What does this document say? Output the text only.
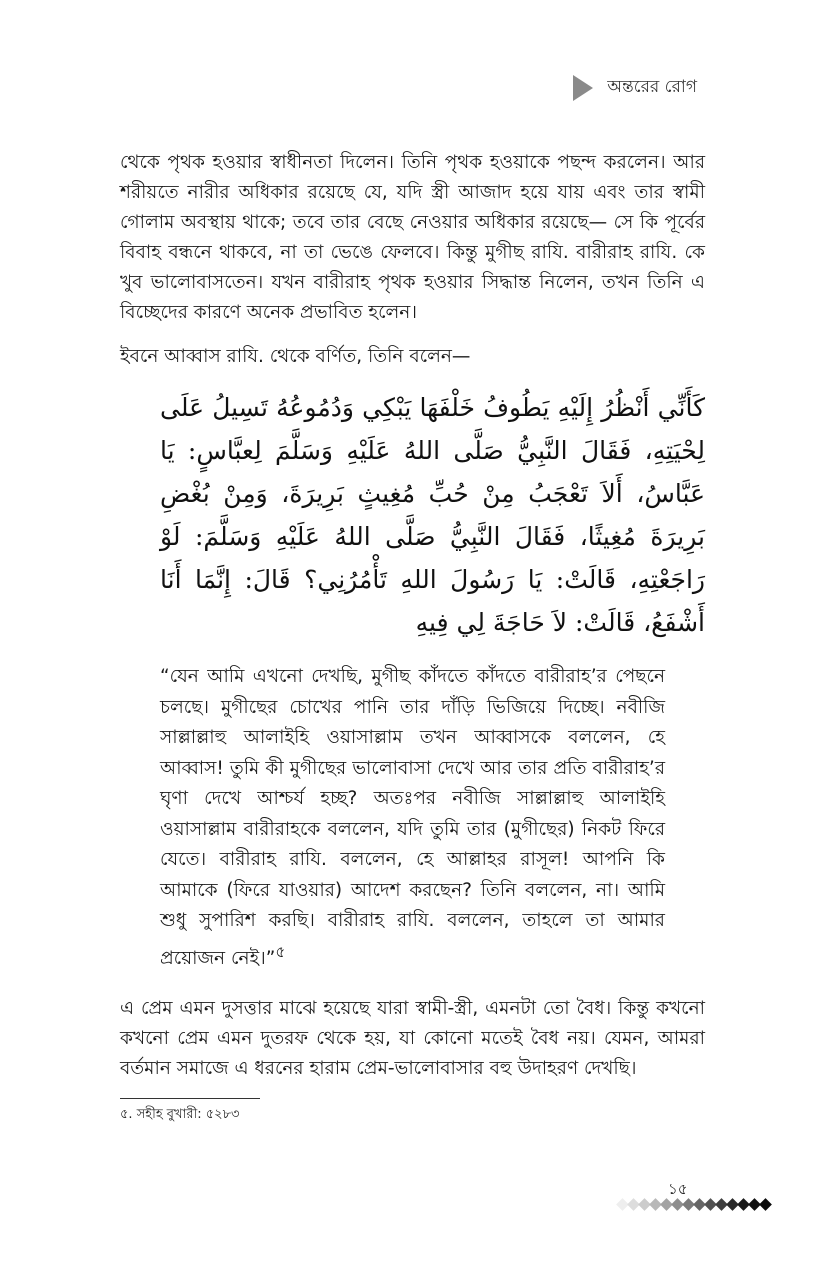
অন্তরের রোগ

থেকে পৃথক হওয়ার স্বাধীনতা দিলেন। তিনি পৃথক হওয়াকে পছন্দ করলেন। আর শরীয়তে নারীর অধিকার রয়েছে যে, যদি স্ত্রী আজাদ হয়ে যায় এবং তার স্বামী গোলাম অবস্থায় থাকে; তবে তার বেছে নেওয়ার অধিকার রয়েছে— সে কি পূর্বের বিবাহ বন্ধনে থাকবে, না তা ভেঙে ফেলবে। কিন্তু মুগীছ রাযি. বারীরাহ রাযি. কে খুব ভালোবাসতেন। যখন বারীরাহ পৃথক হওয়ার সিদ্ধান্ত নিলেন, তখন তিনি এ বিচ্ছেদের কারণে অনেক প্রভাবিত হলেন।

ইবনে আব্বাস রাযি. থেকে বর্ণিত, তিনি বলেন—

كَأَنِّي أَنْظُرُ إِلَيْهِ يَطُوفُ خَلْفَهَا يَبْكِي وَدُمُوعُهُ تَسِيلُ عَلَى لِحْيَتِهِ، فَقَالَ النَّبِيُّ صَلَّى اللهُ عَلَيْهِ وَسَلَّمَ لِعبَّاسٍ: يَا عَبَّاسُ، أَلاَ تَعْجَبُ مِنْ حُبِّ مُغِيثٍ بَرِيرَةَ، وَمِنْ بُغْضِ بَرِيرَةَ مُغِيثًا، فَقَالَ النَّبِيُّ صَلَّى اللهُ عَلَيْهِ وَسَلَّمَ: لَوْ رَاجَعْتِهِ، قَالَتْ: يَا رَسُولَ اللهِ تَأْمُرُنِي؟ قَالَ: إِنَّمَا أَنَا أَشْفَعُ، قَالَتْ: لاَ حَاجَةَ لِي فِيهِ

“যেন আমি এখনো দেখছি, মুগীছ কাঁদতে কাঁদতে বারীরাহ’র পেছনে চলছে। মুগীছের চোখের পানি তার দাঁড়ি ভিজিয়ে দিচ্ছে। নবীজি সাল্লাল্লাহু আলাইহি ওয়াসাল্লাম তখন আব্বাসকে বললেন, হে আব্বাস! তুমি কী মুগীছের ভালোবাসা দেখে আর তার প্রতি বারীরাহ’র ঘৃণা দেখে আশ্চর্য হচ্ছ? অতঃপর নবীজি সাল্লাল্লাহু আলাইহি ওয়াসাল্লাম বারীরাহকে বললেন, যদি তুমি তার (মুগীছের) নিকট ফিরে যেতে। বারীরাহ রাযি. বললেন, হে আল্লাহর রাসূল! আপনি কি আমাকে (ফিরে যাওয়ার) আদেশ করছেন? তিনি বললেন, না। আমি শুধু সুপারিশ করছি। বারীরাহ রাযি. বললেন, তাহলে তা আমার প্রয়োজন নেই।”$^৫$

এ প্রেম এমন দুসত্তার মাঝে হয়েছে যারা স্বামী-স্ত্রী, এমনটা তো বৈধ। কিন্তু কখনো কখনো প্রেম এমন দুতরফ থেকে হয়, যা কোনো মতেই বৈধ নয়। যেমন, আমরা বর্তমান সমাজে এ ধরনের হারাম প্রেম-ভালোবাসার বহু উদাহরণ দেখছি।

৫. সহীহ বুখারী: ৫২৮৩
১৫
